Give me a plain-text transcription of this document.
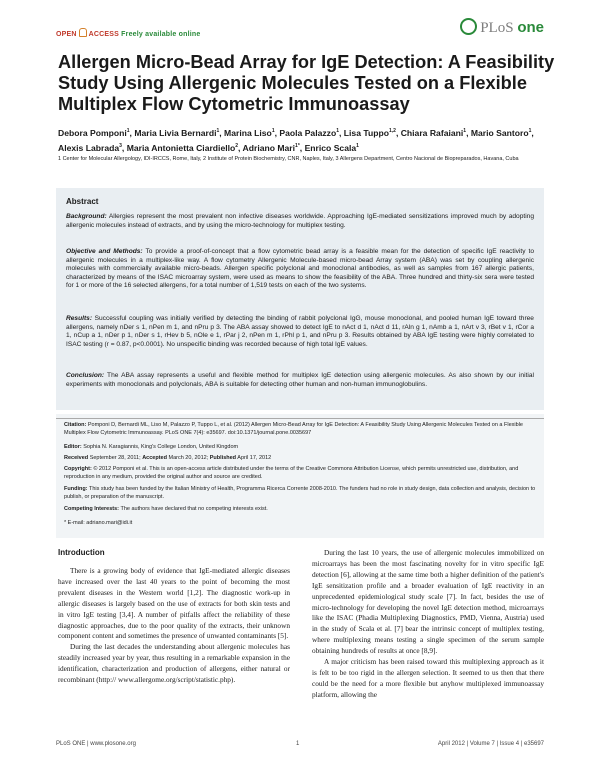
OPEN ACCESS Freely available online	PLoS one
Allergen Micro-Bead Array for IgE Detection: A Feasibility Study Using Allergenic Molecules Tested on a Flexible Multiplex Flow Cytometric Immunoassay
Debora Pomponi$^1$, Maria Livia Bernardi$^1$, Marina Liso$^1$, Paola Palazzo$^1$, Lisa Tuppo$^{1,2}$, Chiara Rafaiani$^1$, Mario Santoro$^1$, Alexis Labrada$^3$, Maria Antonietta Ciardiello$^2$, Adriano Mari$^{1*}$, Enrico Scala$^1$
1 Center for Molecular Allergology, IDI-IRCCS, Rome, Italy, 2 Institute of Protein Biochemistry, CNR, Naples, Italy, 3 Allergens Department, Centro Nacional de Biopreparados, Havana, Cuba
Abstract

Background: Allergies represent the most prevalent non infective diseases worldwide. Approaching IgE-mediated sensitizations improved much by adopting allergenic molecules instead of extracts, and by using the micro-technology for multiplex testing.

Objective and Methods: To provide a proof-of-concept that a flow cytometric bead array is a feasible mean for the detection of specific IgE reactivity to allergenic molecules in a multiplex-like way. A flow cytometry Allergenic Molecule-based micro-bead Array system (ABA) was set by coupling allergenic molecules with commercially available micro-beads. Allergen specific polyclonal and monoclonal antibodies, as well as samples from 167 allergic patients, characterized by means of the ISAC microarray system, were used as means to show the feasibility of the ABA. Three hundred and thirty-six sera were tested for 1 or more of the 16 selected allergens, for a total number of 1,519 tests on each of the two systems.

Results: Successful coupling was initially verified by detecting the binding of rabbit polyclonal IgG, mouse monoclonal, and pooled human IgE toward three allergens, namely nDer s 1, nPen m 1, and nPru p 3. The ABA assay showed to detect IgE to nAct d 1, nAct d 11, rAln g 1, nAmb a 1, nArt v 3, rBet v 1, rCor a 1, nCup a 1, nDer p 1, nDer s 1, rHev b 5, nOle e 1, rPar j 2, nPen m 1, rPhl p 1, and nPru p 3. Results obtained by ABA IgE testing were highly correlated to ISAC testing (r = 0.87, p<0.0001). No unspecific binding was recorded because of high total IgE values.

Conclusion: The ABA assay represents a useful and flexible method for multiplex IgE detection using allergenic molecules. As also shown by our initial experiments with monoclonals and polyclonals, ABA is suitable for detecting other human and non-human immunoglobulins.

Citation: Pomponi D, Bernardi ML, Liso M, Palazzo P, Tuppo L, et al. (2012) Allergen Micro-Bead Array for IgE Detection: A Feasibility Study Using Allergenic Molecules Tested on a Flexible Multiplex Flow Cytometric Immunoassay. PLoS ONE 7(4): e35697. doi:10.1371/journal.pone.0035697

Editor: Sophia N. Karagiannis, King's College London, United Kingdom

Received September 28, 2011; Accepted March 20, 2012; Published April 17, 2012

Copyright: © 2012 Pomponi et al. This is an open-access article distributed under the terms of the Creative Commons Attribution License, which permits unrestricted use, distribution, and reproduction in any medium, provided the original author and source are credited.

Funding: This study has been funded by the Italian Ministry of Health, Programma Ricerca Corrente 2008-2010. The funders had no role in study design, data collection and analysis, decision to publish, or preparation of the manuscript.

Competing Interests: The authors have declared that no competing interests exist.

* E-mail: adriano.mari@idi.it

Introduction

There is a growing body of evidence that IgE-mediated allergic diseases have increased over the last 40 years to the point of becoming the most prevalent diseases in the Western world [1,2]. The diagnostic work-up in allergic diseases is largely based on the use of extracts for both skin tests and in vitro IgE testing [3,4]. A number of pitfalls affect the reliability of these diagnostic approaches, due to the poor quality of the extracts, their unknown component content and sometimes the presence of unwanted contaminants [5].

During the last decades the understanding about allergenic molecules has steadily increased year by year, thus resulting in a remarkable expansion in the identification, characterization and production of allergens, either natural or recombinant (http:// www.allergome.org/script/statistic.php).

During the last 10 years, the use of allergenic molecules immobilized on microarrays has been the most fascinating novelty for in vitro specific IgE detection [6], allowing at the same time both a higher definition of the patient's IgE sensitization profile and a broader evaluation of IgE reactivity in an unprecedented epidemiological study scale [7]. In fact, besides the use of micro-technology for developing the novel IgE detection method, microarrays like the ISAC (Phadia Multiplexing Diagnostics, PMD, Vienna, Austria) used in the study of Scala et al. [7] bear the intrinsic concept of multiplex testing, where multiplexing means testing a single specimen of the serum sample obtaining hundreds of results at once [8,9].

A major criticism has been raised toward this multiplexing approach as it is felt to be too rigid in the allergen selection. It seemed to us then that there could be the need for a more flexible but anyhow multiplexed immunoassay platform, allowing the

PLoS ONE | www.plosone.org	1	April 2012 | Volume 7 | Issue 4 | e35697
